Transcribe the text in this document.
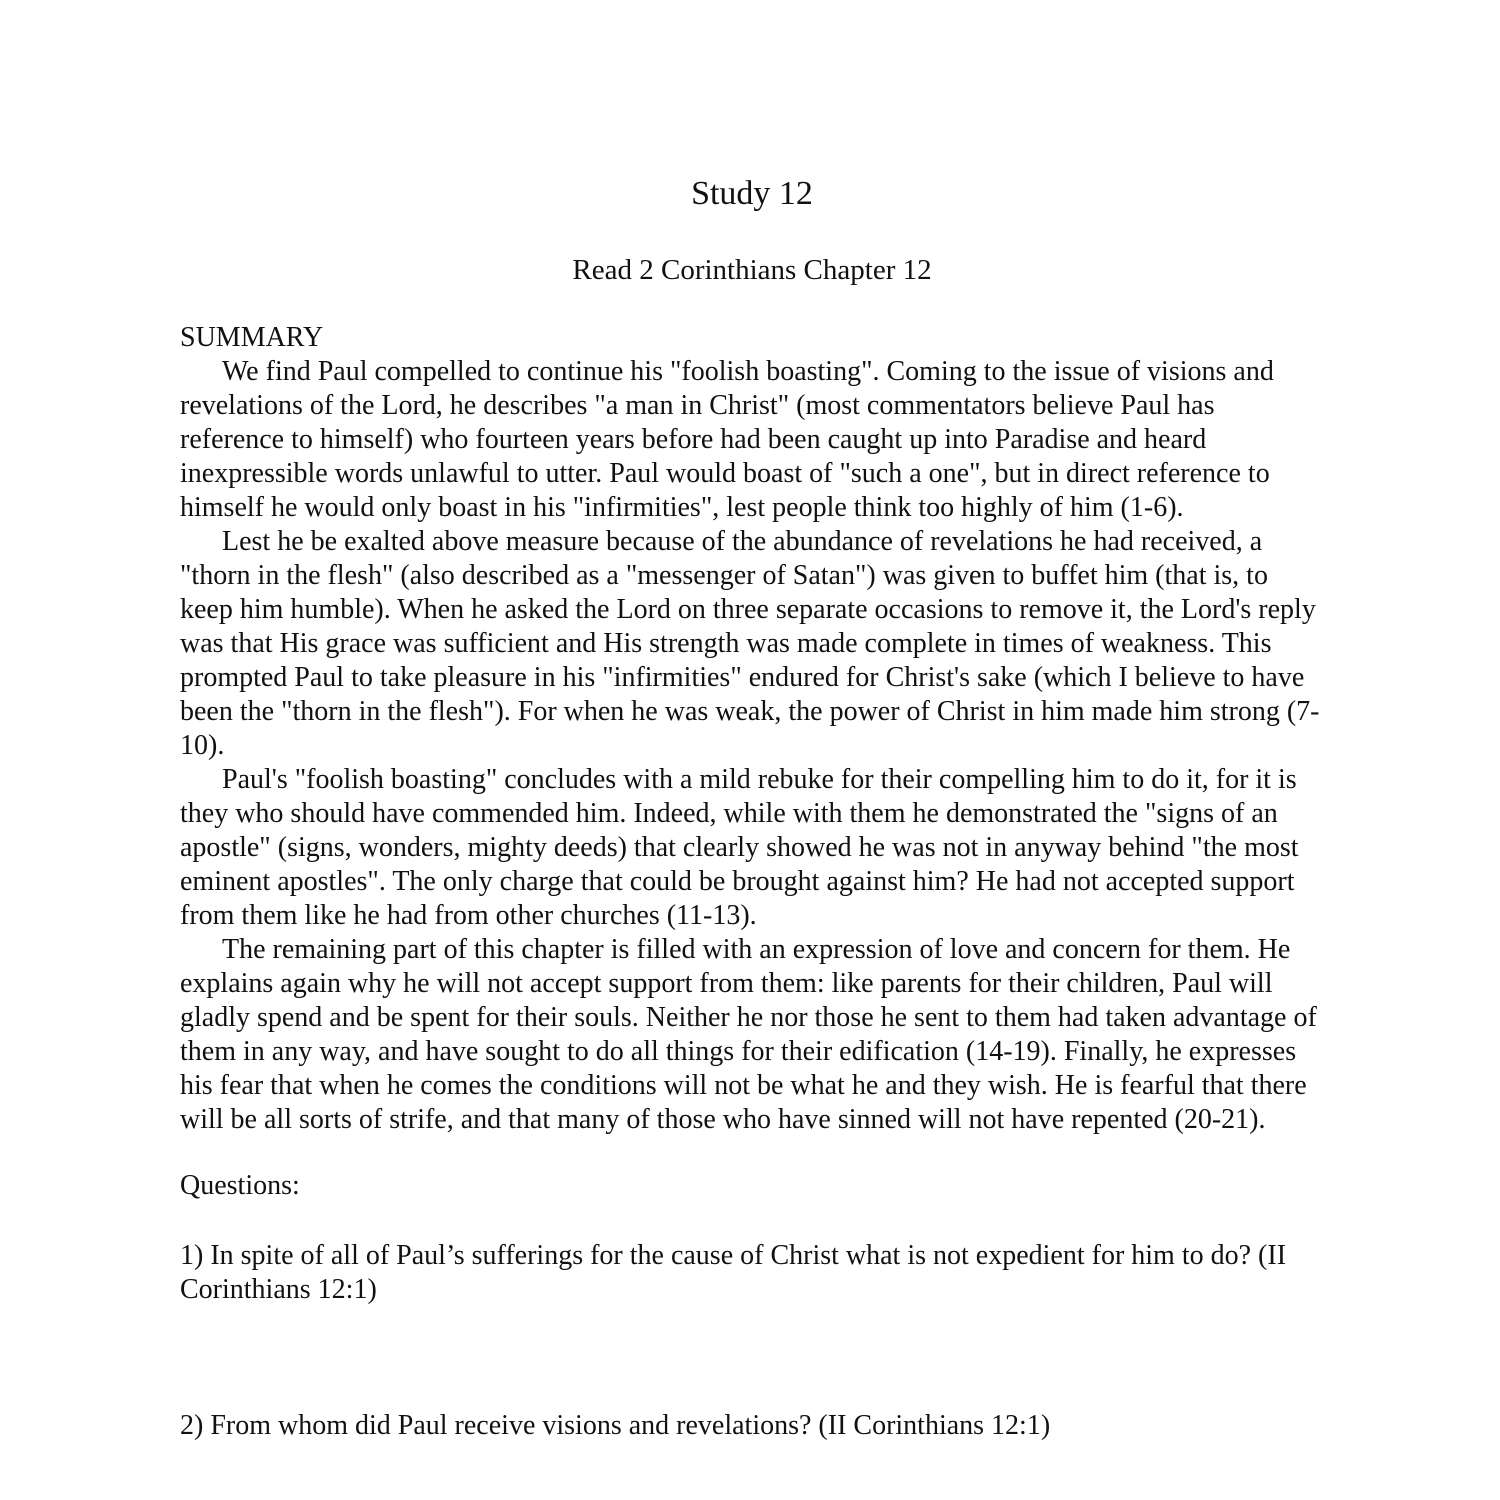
Study 12
Read 2 Corinthians Chapter 12
SUMMARY

We find Paul compelled to continue his "foolish boasting". Coming to the issue of visions and revelations of the Lord, he describes "a man in Christ" (most commentators believe Paul has reference to himself) who fourteen years before had been caught up into Paradise and heard inexpressible words unlawful to utter. Paul would boast of "such a one", but in direct reference to himself he would only boast in his "infirmities", lest people think too highly of him (1-6).

Lest he be exalted above measure because of the abundance of revelations he had received, a "thorn in the flesh" (also described as a "messenger of Satan") was given to buffet him (that is, to keep him humble). When he asked the Lord on three separate occasions to remove it, the Lord's reply was that His grace was sufficient and His strength was made complete in times of weakness. This prompted Paul to take pleasure in his "infirmities" endured for Christ's sake (which I believe to have been the "thorn in the flesh"). For when he was weak, the power of Christ in him made him strong (7-10).

Paul's "foolish boasting" concludes with a mild rebuke for their compelling him to do it, for it is they who should have commended him. Indeed, while with them he demonstrated the "signs of an apostle" (signs, wonders, mighty deeds) that clearly showed he was not in anyway behind "the most eminent apostles". The only charge that could be brought against him? He had not accepted support from them like he had from other churches (11-13).

The remaining part of this chapter is filled with an expression of love and concern for them. He explains again why he will not accept support from them: like parents for their children, Paul will gladly spend and be spent for their souls. Neither he nor those he sent to them had taken advantage of them in any way, and have sought to do all things for their edification (14-19). Finally, he expresses his fear that when he comes the conditions will not be what he and they wish. He is fearful that there will be all sorts of strife, and that many of those who have sinned will not have repented (20-21).

Questions:

1) In spite of all of Paul’s sufferings for the cause of Christ what is not expedient for him to do? (II Corinthians 12:1)

2) From whom did Paul receive visions and revelations? (II Corinthians 12:1)
